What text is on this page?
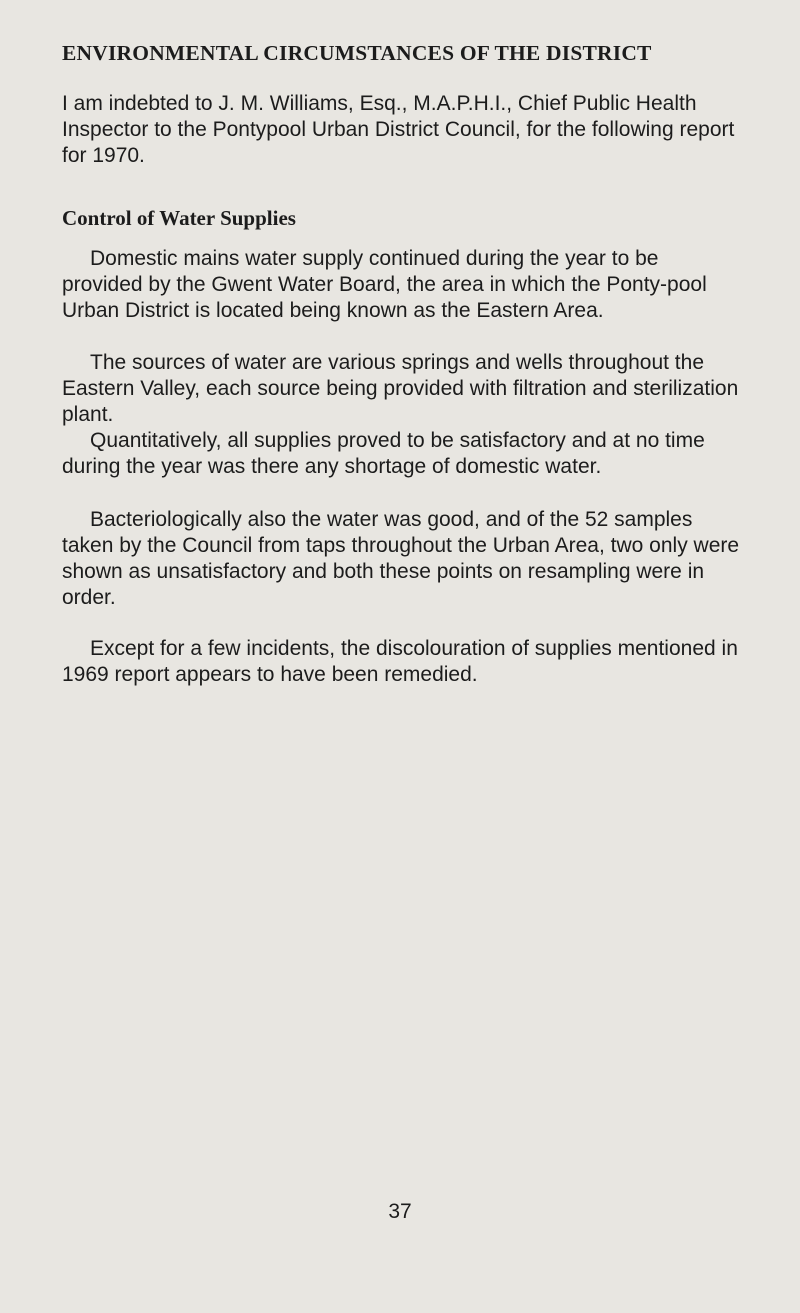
ENVIRONMENTAL CIRCUMSTANCES OF THE DISTRICT

I am indebted to J. M. Williams, Esq., M.A.P.H.I., Chief Public Health Inspector to the Pontypool Urban District Council, for the following report for 1970.

Control of Water Supplies

Domestic mains water supply continued during the year to be provided by the Gwent Water Board, the area in which the Ponty-pool Urban District is located being known as the Eastern Area.

The sources of water are various springs and wells throughout the Eastern Valley, each source being provided with filtration and sterilization plant.

Quantitatively, all supplies proved to be satisfactory and at no time during the year was there any shortage of domestic water.

Bacteriologically also the water was good, and of the 52 samples taken by the Council from taps throughout the Urban Area, two only were shown as unsatisfactory and both these points on resampling were in order.

Except for a few incidents, the discolouration of supplies mentioned in 1969 report appears to have been remedied.

37
